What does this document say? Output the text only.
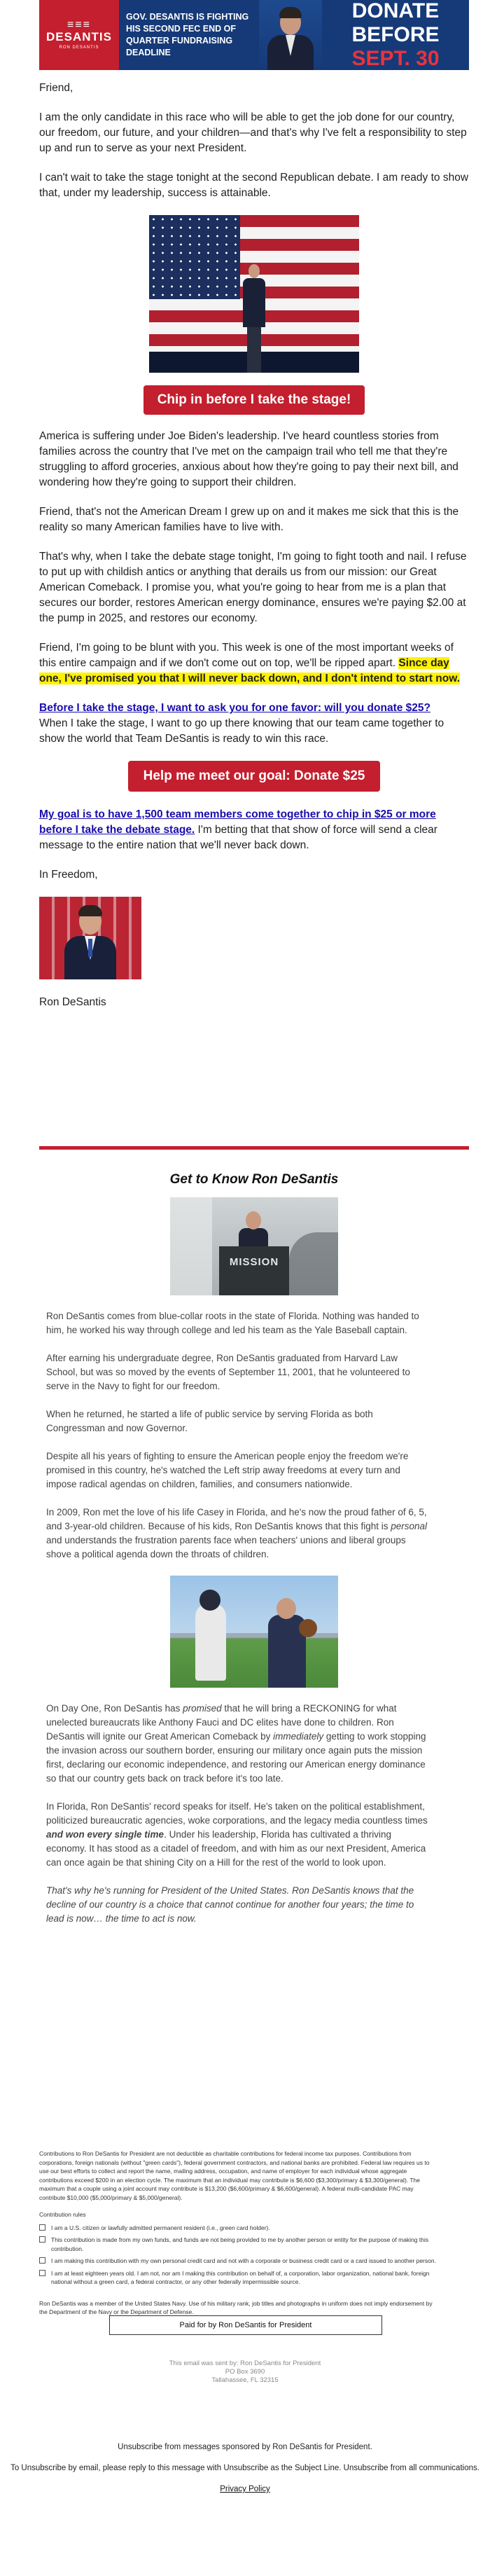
≡≡≡
DESANTIS
RON DESANTIS
GOV. DESANTIS IS FIGHTING HIS SECOND FEC END OF QUARTER FUNDRAISING DEADLINE
DONATE BEFORE
SEPT. 30

Friend,

I am the only candidate in this race who will be able to get the job done for our country, our freedom, our future, and your children—and that's why I've felt a responsibility to step up and run to serve as your next President.

I can't wait to take the stage tonight at the second Republican debate. I am ready to show that, under my leadership, success is attainable.

Chip in before I take the stage!

America is suffering under Joe Biden's leadership. I've heard countless stories from families across the country that I've met on the campaign trail who tell me that they're struggling to afford groceries, anxious about how they're going to pay their next bill, and wondering how they're going to support their children.

Friend, that's not the American Dream I grew up on and it makes me sick that this is the reality so many American families have to live with.

That's why, when I take the debate stage tonight, I'm going to fight tooth and nail. I refuse to put up with childish antics or anything that derails us from our mission: our Great American Comeback. I promise you, what you're going to hear from me is a plan that secures our border, restores American energy dominance, ensures we're paying $2.00 at the pump in 2025, and restores our economy.

Friend, I'm going to be blunt with you. This week is one of the most important weeks of this entire campaign and if we don't come out on top, we'll be ripped apart. Since day one, I've promised you that I will never back down, and I don't intend to start now.

Before I take the stage, I want to ask you for one favor: will you donate $25?
When I take the stage, I want to go up there knowing that our team came together to show the world that Team DeSantis is ready to win this race.

Help me meet our goal: Donate $25

My goal is to have 1,500 team members come together to chip in $25 or more before I take the debate stage. I'm betting that that show of force will send a clear message to the entire nation that we'll never back down.

In Freedom,

Ron DeSantis

Get to Know Ron DeSantis
MISSION

Ron DeSantis comes from blue-collar roots in the state of Florida. Nothing was handed to him, he worked his way through college and led his team as the Yale Baseball captain.

After earning his undergraduate degree, Ron DeSantis graduated from Harvard Law School, but was so moved by the events of September 11, 2001, that he volunteered to serve in the Navy to fight for our freedom.

When he returned, he started a life of public service by serving Florida as both Congressman and now Governor.

Despite all his years of fighting to ensure the American people enjoy the freedom we're promised in this country, he's watched the Left strip away freedoms at every turn and impose radical agendas on children, families, and consumers nationwide.

In 2009, Ron met the love of his life Casey in Florida, and he's now the proud father of 6, 5, and 3-year-old children. Because of his kids, Ron DeSantis knows that this fight is personal and understands the frustration parents face when teachers' unions and liberal groups shove a political agenda down the throats of children.

On Day One, Ron DeSantis has promised that he will bring a RECKONING for what unelected bureaucrats like Anthony Fauci and DC elites have done to children. Ron DeSantis will ignite our Great American Comeback by immediately getting to work stopping the invasion across our southern border, ensuring our military once again puts the mission first, declaring our economic independence, and restoring our American energy dominance so that our country gets back on track before it's too late.

In Florida, Ron DeSantis' record speaks for itself. He's taken on the political establishment, politicized bureaucratic agencies, woke corporations, and the legacy media countless times and won every single time. Under his leadership, Florida has cultivated a thriving economy. It has stood as a citadel of freedom, and with him as our next President, America can once again be that shining City on a Hill for the rest of the world to look upon.

That's why he's running for President of the United States. Ron DeSantis knows that the decline of our country is a choice that cannot continue for another four years; the time to lead is now… the time to act is now.

Contributions to Ron DeSantis for President are not deductible as charitable contributions for federal income tax purposes. Contributions from corporations, foreign nationals (without "green cards"), federal government contractors, and national banks are prohibited. Federal law requires us to use our best efforts to collect and report the name, mailing address, occupation, and name of employer for each individual whose aggregate contributions exceed $200 in an election cycle. The maximum that an individual may contribute is $6,600 ($3,300/primary & $3,300/general). The maximum that a couple using a joint account may contribute is $13,200 ($6,600/primary & $6,600/general). A federal multi-candidate PAC may contribute $10,000 ($5,000/primary & $5,000/general).

Contribution rules
I am a U.S. citizen or lawfully admitted permanent resident (i.e., green card holder).
This contribution is made from my own funds, and funds are not being provided to me by another person or entity for the purpose of making this contribution.
I am making this contribution with my own personal credit card and not with a corporate or business credit card or a card issued to another person.
I am at least eighteen years old. I am not, nor am I making this contribution on behalf of, a corporation, labor organization, national bank, foreign national without a green card, a federal contractor, or any other federally impermissible source.

Ron DeSantis was a member of the United States Navy. Use of his military rank, job titles and photographs in uniform does not imply endorsement by the Department of the Navy or the Department of Defense.

Paid for by Ron DeSantis for President
This email was sent by: Ron DeSantis for President
PO Box 3690
Tallahassee, FL 32315

Unsubscribe from messages sponsored by Ron DeSantis for President.

To Unsubscribe by email, please reply to this message with Unsubscribe as the Subject Line. Unsubscribe from all communications.

Privacy Policy
